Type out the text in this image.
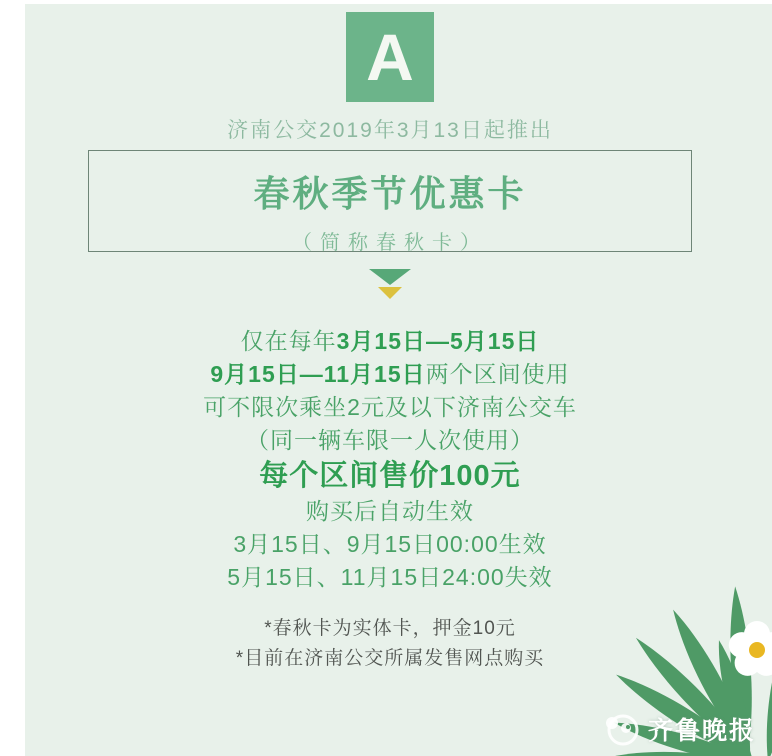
A
济南公交2019年3月13日起推出
春秋季节优惠卡
（简称春秋卡）
仅在每年3月15日—5月15日
9月15日—11月15日两个区间使用
可不限次乘坐2元及以下济南公交车
（同一辆车限一人次使用）
每个区间售价100元
购买后自动生效
3月15日、9月15日00:00生效
5月15日、11月15日24:00失效
*春秋卡为实体卡，押金10元
*目前在济南公交所属发售网点购买
齐鲁晚报
